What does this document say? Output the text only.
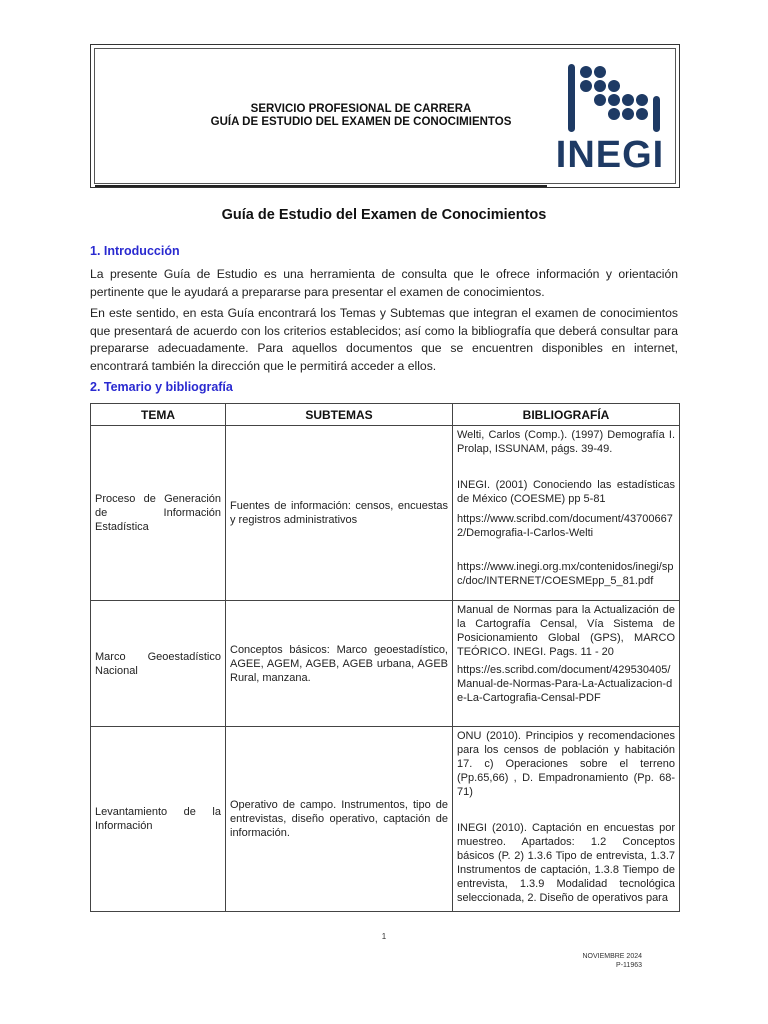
SERVICIO PROFESIONAL DE CARRERA
GUÍA DE ESTUDIO DEL EXAMEN DE CONOCIMIENTOS
INEGI
Guía de Estudio del Examen de Conocimientos
1. Introducción
La presente Guía de Estudio es una herramienta de consulta que le ofrece información y orientación pertinente que le ayudará a prepararse para presentar el examen de conocimientos.
En este sentido, en esta Guía encontrará los Temas y Subtemas que integran el examen de conocimientos que presentará de acuerdo con los criterios establecidos; así como la bibliografía que deberá consultar para prepararse adecuadamente. Para aquellos documentos que se encuentren disponibles en internet, encontrará también la dirección que le permitirá acceder a ellos.
2. Temario y bibliografía
TEMA	SUBTEMAS	BIBLIOGRAFÍA
Proceso de Generación de Información Estadística	Fuentes de información: censos, encuestas y registros administrativos	Welti, Carlos (Comp.). (1997) Demografía I. Prolap, ISSUNAM, págs. 39-49.
INEGI. (2001) Conociendo las estadísticas de México (COESME) pp 5-81
https://www.scribd.com/document/437006672/Demografia-I-Carlos-Welti
https://www.inegi.org.mx/contenidos/inegi/spc/doc/INTERNET/COESMEpp_5_81.pdf

Marco Geoestadístico Nacional	Conceptos básicos: Marco geoestadístico, AGEE, AGEM, AGEB, AGEB urbana, AGEB Rural, manzana.	Manual de Normas para la Actualización de la Cartografía Censal, Vía Sistema de Posicionamiento Global (GPS), MARCO TEÓRICO. INEGI. Pags. 11 - 20
https://es.scribd.com/document/429530405/Manual-de-Normas-Para-La-Actualizacion-de-La-Cartografia-Censal-PDF

Levantamiento de la Información	Operativo de campo. Instrumentos, tipo de entrevistas, diseño operativo, captación de información.	ONU (2010). Principios y recomendaciones para los censos de población y habitación 17. c) Operaciones sobre el terreno (Pp.65,66) , D. Empadronamiento (Pp. 68-71)
INEGI (2010). Captación en encuestas por muestreo. Apartados: 1.2 Conceptos básicos (P. 2) 1.3.6 Tipo de entrevista, 1.3.7 Instrumentos de captación, 1.3.8 Tiempo de entrevista, 1.3.9 Modalidad tecnológica seleccionada, 2. Diseño de operativos para
1
NOVIEMBRE 2024
P-11963
